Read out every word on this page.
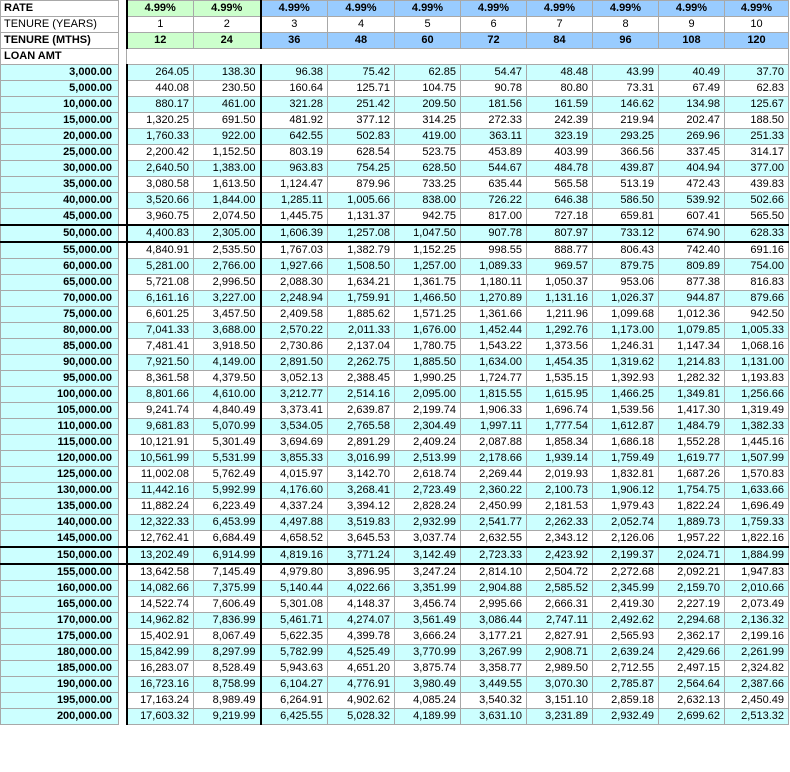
RATE		4.99%	4.99%	4.99%	4.99%	4.99%	4.99%	4.99%	4.99%	4.99%	4.99%
TENURE (YEARS)		1	2	3	4	5	6	7	8	9	10
TENURE (MTHS)		12	24	36	48	60	72	84	96	108	120
LOAN AMT											
3,000.00		264.05	138.30	96.38	75.42	62.85	54.47	48.48	43.99	40.49	37.70
5,000.00		440.08	230.50	160.64	125.71	104.75	90.78	80.80	73.31	67.49	62.83
10,000.00		880.17	461.00	321.28	251.42	209.50	181.56	161.59	146.62	134.98	125.67
15,000.00		1,320.25	691.50	481.92	377.12	314.25	272.33	242.39	219.94	202.47	188.50
20,000.00		1,760.33	922.00	642.55	502.83	419.00	363.11	323.19	293.25	269.96	251.33
25,000.00		2,200.42	1,152.50	803.19	628.54	523.75	453.89	403.99	366.56	337.45	314.17
30,000.00		2,640.50	1,383.00	963.83	754.25	628.50	544.67	484.78	439.87	404.94	377.00
35,000.00		3,080.58	1,613.50	1,124.47	879.96	733.25	635.44	565.58	513.19	472.43	439.83
40,000.00		3,520.66	1,844.00	1,285.11	1,005.66	838.00	726.22	646.38	586.50	539.92	502.66
45,000.00		3,960.75	2,074.50	1,445.75	1,131.37	942.75	817.00	727.18	659.81	607.41	565.50
50,000.00		4,400.83	2,305.00	1,606.39	1,257.08	1,047.50	907.78	807.97	733.12	674.90	628.33
55,000.00		4,840.91	2,535.50	1,767.03	1,382.79	1,152.25	998.55	888.77	806.43	742.40	691.16
60,000.00		5,281.00	2,766.00	1,927.66	1,508.50	1,257.00	1,089.33	969.57	879.75	809.89	754.00
65,000.00		5,721.08	2,996.50	2,088.30	1,634.21	1,361.75	1,180.11	1,050.37	953.06	877.38	816.83
70,000.00		6,161.16	3,227.00	2,248.94	1,759.91	1,466.50	1,270.89	1,131.16	1,026.37	944.87	879.66
75,000.00		6,601.25	3,457.50	2,409.58	1,885.62	1,571.25	1,361.66	1,211.96	1,099.68	1,012.36	942.50
80,000.00		7,041.33	3,688.00	2,570.22	2,011.33	1,676.00	1,452.44	1,292.76	1,173.00	1,079.85	1,005.33
85,000.00		7,481.41	3,918.50	2,730.86	2,137.04	1,780.75	1,543.22	1,373.56	1,246.31	1,147.34	1,068.16
90,000.00		7,921.50	4,149.00	2,891.50	2,262.75	1,885.50	1,634.00	1,454.35	1,319.62	1,214.83	1,131.00
95,000.00		8,361.58	4,379.50	3,052.13	2,388.45	1,990.25	1,724.77	1,535.15	1,392.93	1,282.32	1,193.83
100,000.00		8,801.66	4,610.00	3,212.77	2,514.16	2,095.00	1,815.55	1,615.95	1,466.25	1,349.81	1,256.66
105,000.00		9,241.74	4,840.49	3,373.41	2,639.87	2,199.74	1,906.33	1,696.74	1,539.56	1,417.30	1,319.49
110,000.00		9,681.83	5,070.99	3,534.05	2,765.58	2,304.49	1,997.11	1,777.54	1,612.87	1,484.79	1,382.33
115,000.00		10,121.91	5,301.49	3,694.69	2,891.29	2,409.24	2,087.88	1,858.34	1,686.18	1,552.28	1,445.16
120,000.00		10,561.99	5,531.99	3,855.33	3,016.99	2,513.99	2,178.66	1,939.14	1,759.49	1,619.77	1,507.99
125,000.00		11,002.08	5,762.49	4,015.97	3,142.70	2,618.74	2,269.44	2,019.93	1,832.81	1,687.26	1,570.83
130,000.00		11,442.16	5,992.99	4,176.60	3,268.41	2,723.49	2,360.22	2,100.73	1,906.12	1,754.75	1,633.66
135,000.00		11,882.24	6,223.49	4,337.24	3,394.12	2,828.24	2,450.99	2,181.53	1,979.43	1,822.24	1,696.49
140,000.00		12,322.33	6,453.99	4,497.88	3,519.83	2,932.99	2,541.77	2,262.33	2,052.74	1,889.73	1,759.33
145,000.00		12,762.41	6,684.49	4,658.52	3,645.53	3,037.74	2,632.55	2,343.12	2,126.06	1,957.22	1,822.16
150,000.00		13,202.49	6,914.99	4,819.16	3,771.24	3,142.49	2,723.33	2,423.92	2,199.37	2,024.71	1,884.99
155,000.00		13,642.58	7,145.49	4,979.80	3,896.95	3,247.24	2,814.10	2,504.72	2,272.68	2,092.21	1,947.83
160,000.00		14,082.66	7,375.99	5,140.44	4,022.66	3,351.99	2,904.88	2,585.52	2,345.99	2,159.70	2,010.66
165,000.00		14,522.74	7,606.49	5,301.08	4,148.37	3,456.74	2,995.66	2,666.31	2,419.30	2,227.19	2,073.49
170,000.00		14,962.82	7,836.99	5,461.71	4,274.07	3,561.49	3,086.44	2,747.11	2,492.62	2,294.68	2,136.32
175,000.00		15,402.91	8,067.49	5,622.35	4,399.78	3,666.24	3,177.21	2,827.91	2,565.93	2,362.17	2,199.16
180,000.00		15,842.99	8,297.99	5,782.99	4,525.49	3,770.99	3,267.99	2,908.71	2,639.24	2,429.66	2,261.99
185,000.00		16,283.07	8,528.49	5,943.63	4,651.20	3,875.74	3,358.77	2,989.50	2,712.55	2,497.15	2,324.82
190,000.00		16,723.16	8,758.99	6,104.27	4,776.91	3,980.49	3,449.55	3,070.30	2,785.87	2,564.64	2,387.66
195,000.00		17,163.24	8,989.49	6,264.91	4,902.62	4,085.24	3,540.32	3,151.10	2,859.18	2,632.13	2,450.49
200,000.00		17,603.32	9,219.99	6,425.55	5,028.32	4,189.99	3,631.10	3,231.89	2,932.49	2,699.62	2,513.32
